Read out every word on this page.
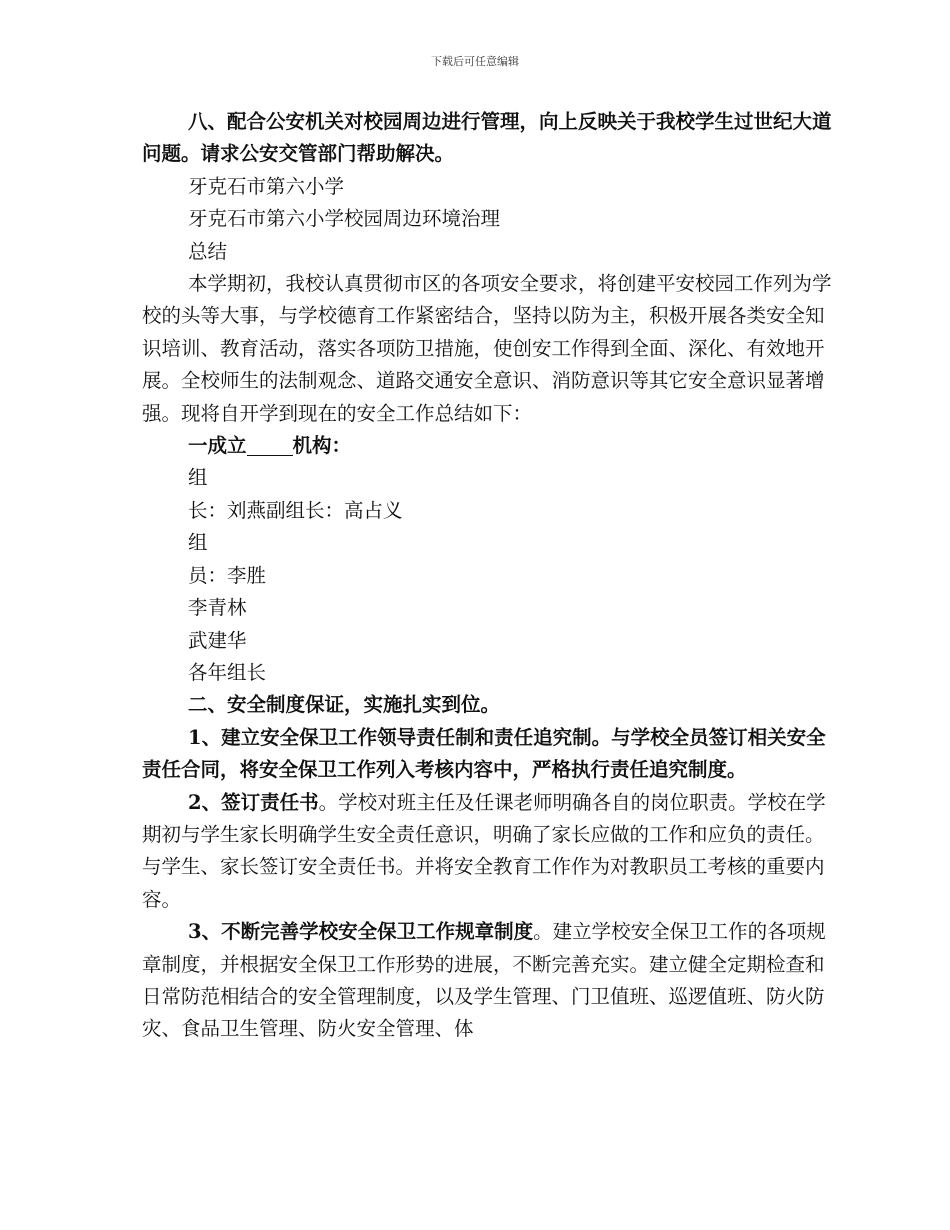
下载后可任意编辑

八、配合公安机关对校园周边进行管理，向上反映关于我校学生过世纪大道问题。请求公安交管部门帮助解决。

牙克石市第六小学

牙克石市第六小学校园周边环境治理

总结

本学期初，我校认真贯彻市区的各项安全要求，将创建平安校园工作列为学校的头等大事，与学校德育工作紧密结合，坚持以防为主，积极开展各类安全知识培训、教育活动，落实各项防卫措施，使创安工作得到全面、深化、有效地开展。全校师生的法制观念、道路交通安全意识、消防意识等其它安全意识显著增强。现将自开学到现在的安全工作总结如下：

一成立 机构：

组

长：刘燕副组长：高占义

组

员：李胜

李青林

武建华

各年组长

二、安全制度保证，实施扎实到位。

1、建立安全保卫工作领导责任制和责任追究制。与学校全员签订相关安全责任合同，将安全保卫工作列入考核内容中，严格执行责任追究制度。

2、签订责任书。学校对班主任及任课老师明确各自的岗位职责。学校在学期初与学生家长明确学生安全责任意识，明确了家长应做的工作和应负的责任。与学生、家长签订安全责任书。并将安全教育工作作为对教职员工考核的重要内容。

3、不断完善学校安全保卫工作规章制度。建立学校安全保卫工作的各项规章制度，并根据安全保卫工作形势的进展，不断完善充实。建立健全定期检查和日常防范相结合的安全管理制度，以及学生管理、门卫值班、巡逻值班、防火防灾、食品卫生管理、防火安全管理、体
